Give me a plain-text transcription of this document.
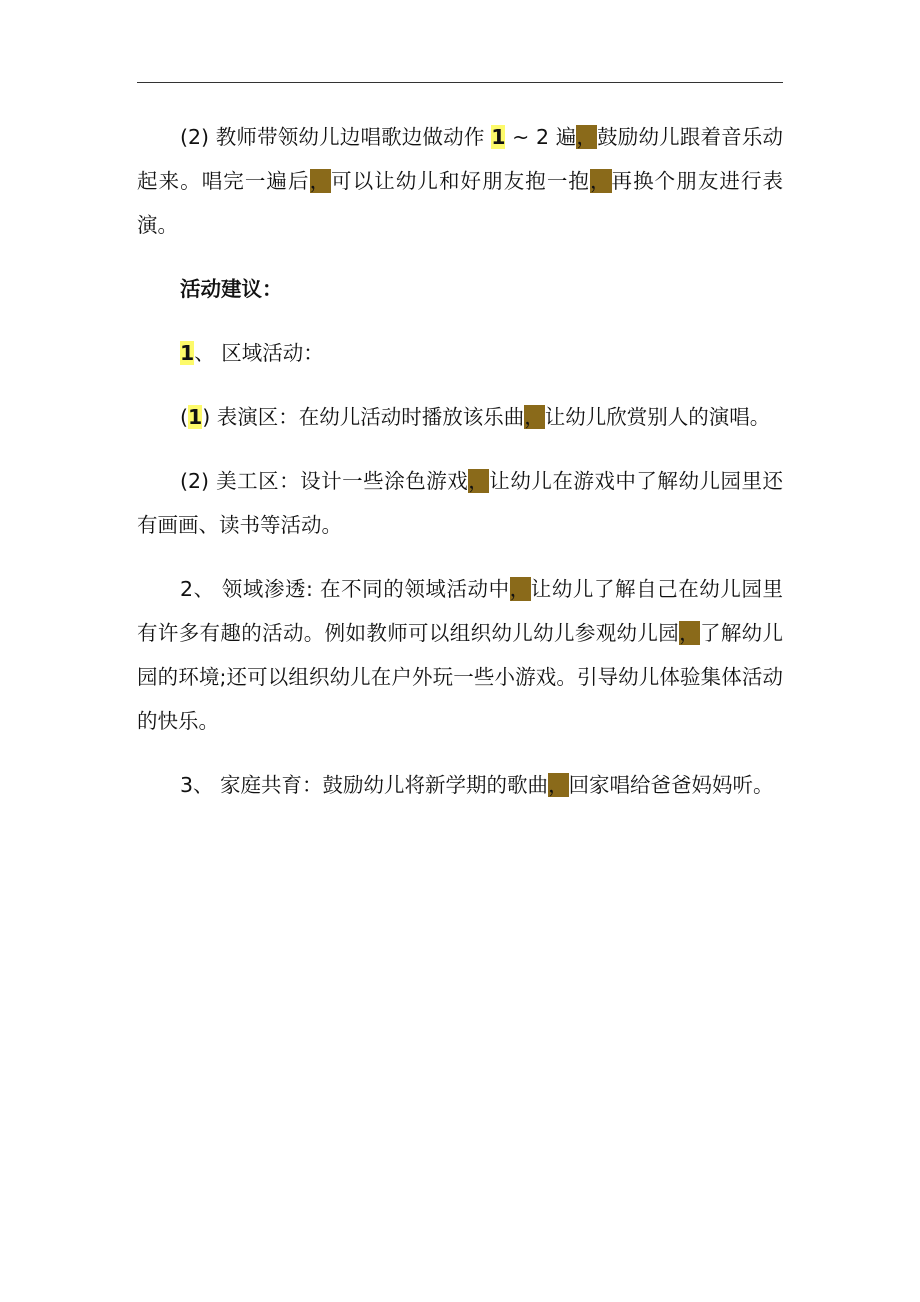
(2) 教师带领幼儿边唱歌边做动作 1 ~ 2 遍，鼓励幼儿跟着音乐动起来。唱完一遍后，可以让幼儿和好朋友抱一抱，再换个朋友进行表演。

活动建议：

1、 区域活动：

(1) 表演区：在幼儿活动时播放该乐曲，让幼儿欣赏别人的演唱。

(2) 美工区：设计一些涂色游戏，让幼儿在游戏中了解幼儿园里还有画画、读书等活动。

2、 领域渗透: 在不同的领域活动中，让幼儿了解自己在幼儿园里有许多有趣的活动。例如教师可以组织幼儿幼儿参观幼儿园，了解幼儿园的环境;还可以组织幼儿在户外玩一些小游戏。引导幼儿体验集体活动的快乐。

3、 家庭共育：鼓励幼儿将新学期的歌曲，回家唱给爸爸妈妈听。
